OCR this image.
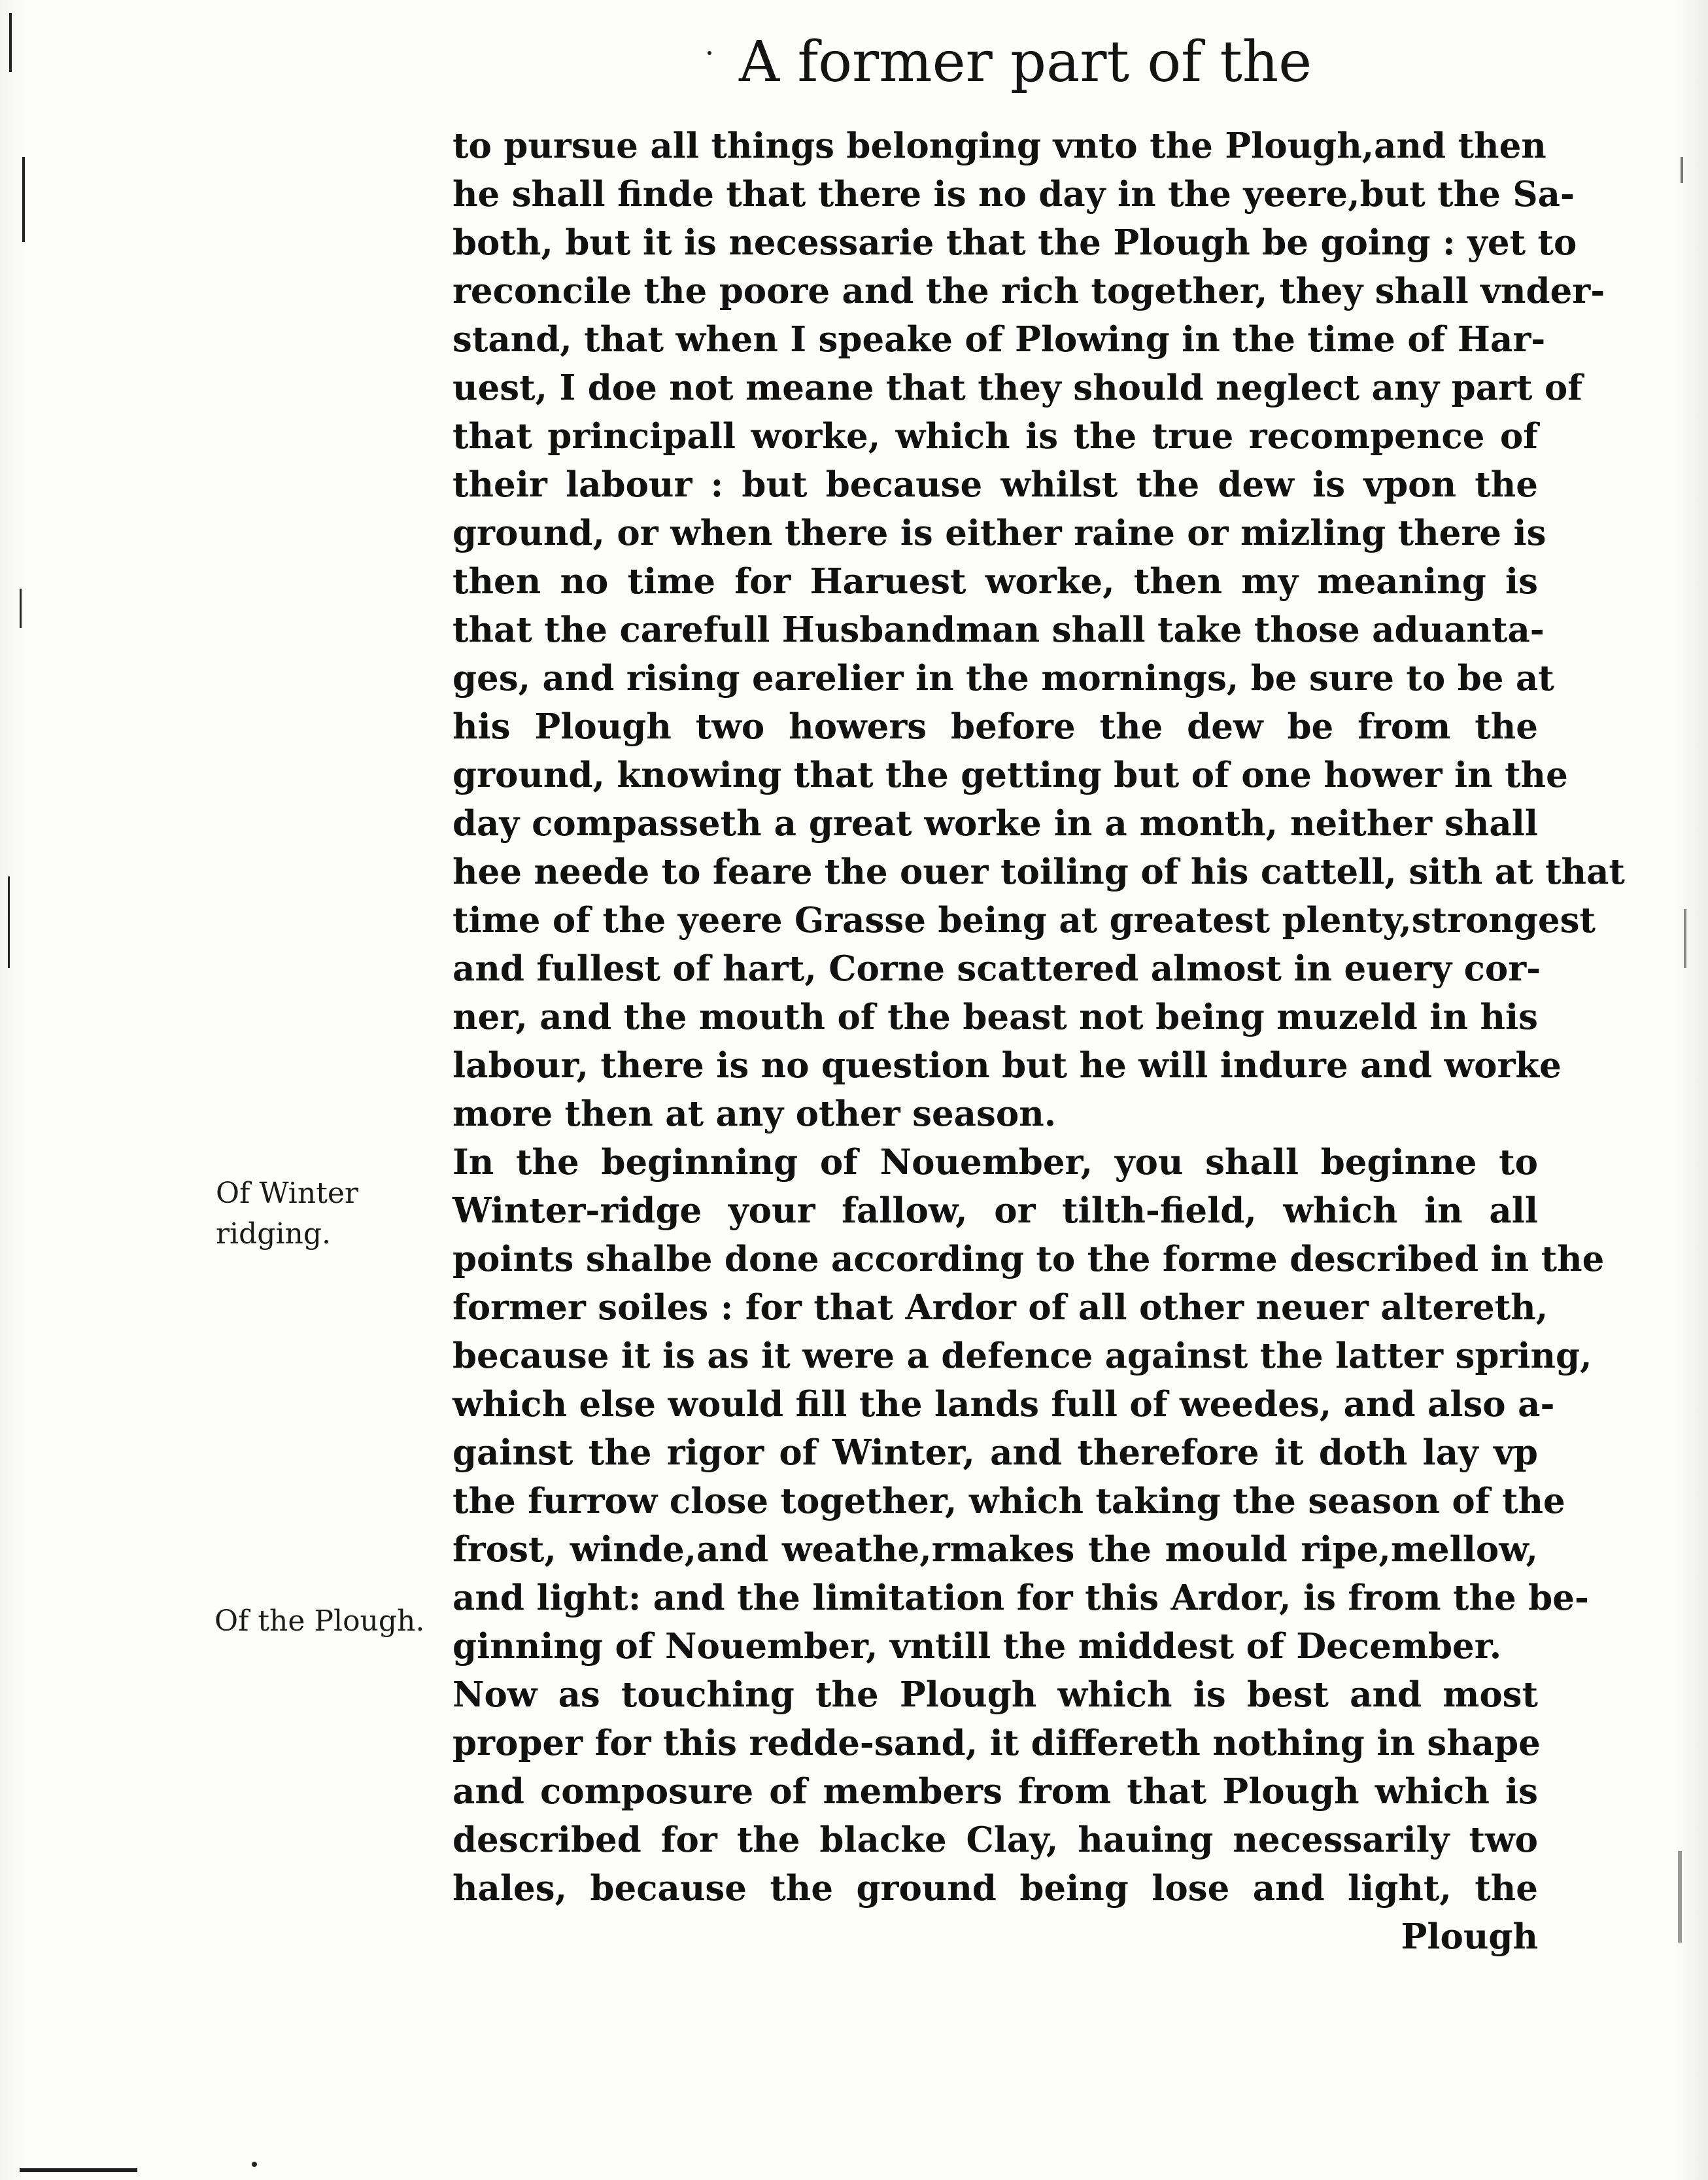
A former part of the
Of Winter
ridging.
Of the Plough.
to pursue all things belonging vnto the Plough,and then
he shall finde that there is no day in the yeere,but the Sa-
both, but it is necessarie that the Plough be going : yet to
reconcile the poore and the rich together, they shall vnder-
stand, that when I speake of Plowing in the time of Har-
uest, I doe not meane that they should neglect any part of
that principall worke, which is the true recompence of
their labour : but because whilst the dew is vpon the
ground, or when there is either raine or mizling there is
then no time for Haruest worke, then my meaning is
that the carefull Husbandman shall take those aduanta-
ges, and rising earelier in the mornings, be sure to be at
his Plough two howers before the dew be from the
ground, knowing that the getting but of one hower in the
day compasseth a great worke in a month, neither shall
hee neede to feare the ouer toiling of his cattell, sith at that
time of the yeere Grasse being at greatest plenty,strongest
and fullest of hart, Corne scattered almost in euery cor-
ner, and the mouth of the beast not being muzeld in his
labour, there is no question but he will indure and worke
more then at any other season.
In the beginning of Nouember, you shall beginne to
Winter-ridge your fallow, or tilth-field, which in all
points shalbe done according to the forme described in the
former soiles : for that Ardor of all other neuer altereth,
because it is as it were a defence against the latter spring,
which else would fill the lands full of weedes, and also a-
gainst the rigor of Winter, and therefore it doth lay vp
the furrow close together, which taking the season of the
frost, winde,and weathe,rmakes the mould ripe,mellow,
and light: and the limitation for this Ardor, is from the be-
ginning of Nouember, vntill the middest of December.
Now as touching the Plough which is best and most
proper for this redde-sand, it differeth nothing in shape
and composure of members from that Plough which is
described for the blacke Clay, hauing necessarily two
hales, because the ground being lose and light, the
Plough
